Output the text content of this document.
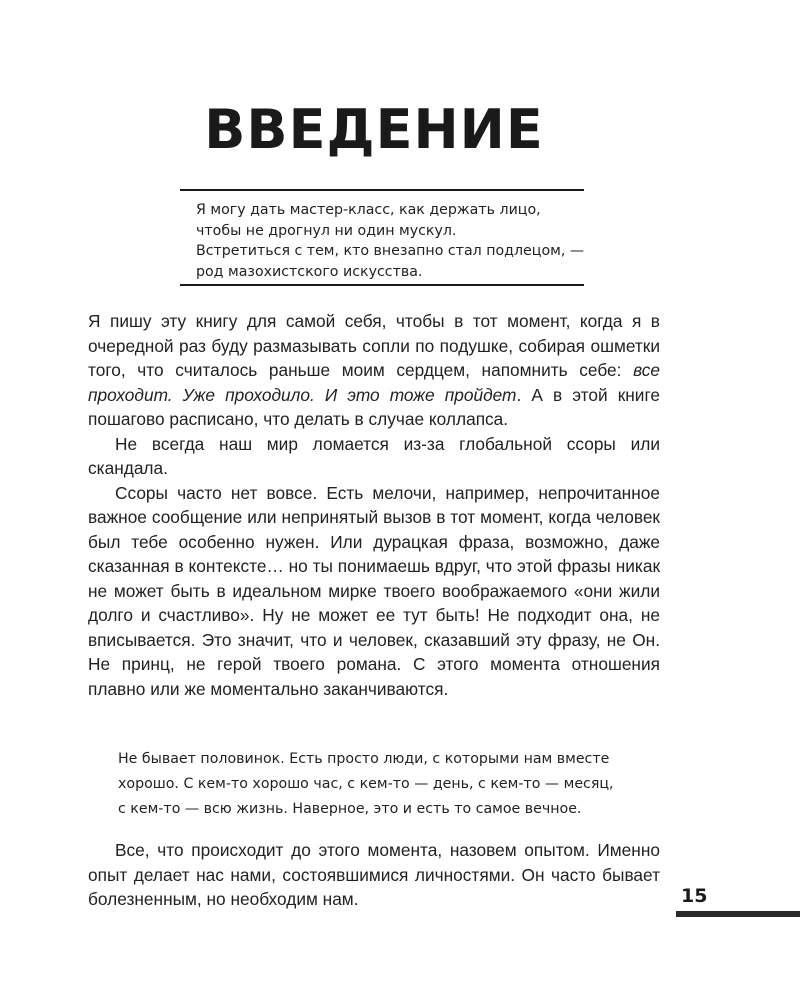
ВВЕДЕНИЕ
Я могу дать мастер-класс, как держать лицо,
чтобы не дрогнул ни один мускул.
Встретиться с тем, кто внезапно стал подлецом, —
род мазохистского искусства.

Я пишу эту книгу для самой себя, чтобы в тот момент, когда я в очередной раз буду размазывать сопли по подушке, собирая ошметки того, что считалось раньше моим сердцем, напомнить себе: все проходит. Уже проходило. И это тоже пройдет. А в этой книге пошагово расписано, что делать в случае коллапса.

Не всегда наш мир ломается из-за глобальной ссоры или скандала.

Ссоры часто нет вовсе. Есть мелочи, например, непрочитанное важное сообщение или непринятый вызов в тот момент, когда человек был тебе особенно нужен. Или дурацкая фраза, возможно, даже сказанная в контексте… но ты понимаешь вдруг, что этой фразы никак не может быть в идеальном мирке твоего воображаемого «они жили долго и счастливо». Ну не может ее тут быть! Не подходит она, не вписывается. Это значит, что и человек, сказавший эту фразу, не Он. Не принц, не герой твоего романа. С этого момента отношения плавно или же моментально заканчиваются.

Не бывает половинок. Есть просто люди, с которыми нам вместе
хорошо. С кем-то хорошо час, с кем-то — день, с кем-то — месяц,
с кем-то — всю жизнь. Наверное, это и есть то самое вечное.

Все, что происходит до этого момента, назовем опытом. Именно опыт делает нас нами, состоявшимися личностями. Он часто бывает болезненным, но необходим нам.	15
